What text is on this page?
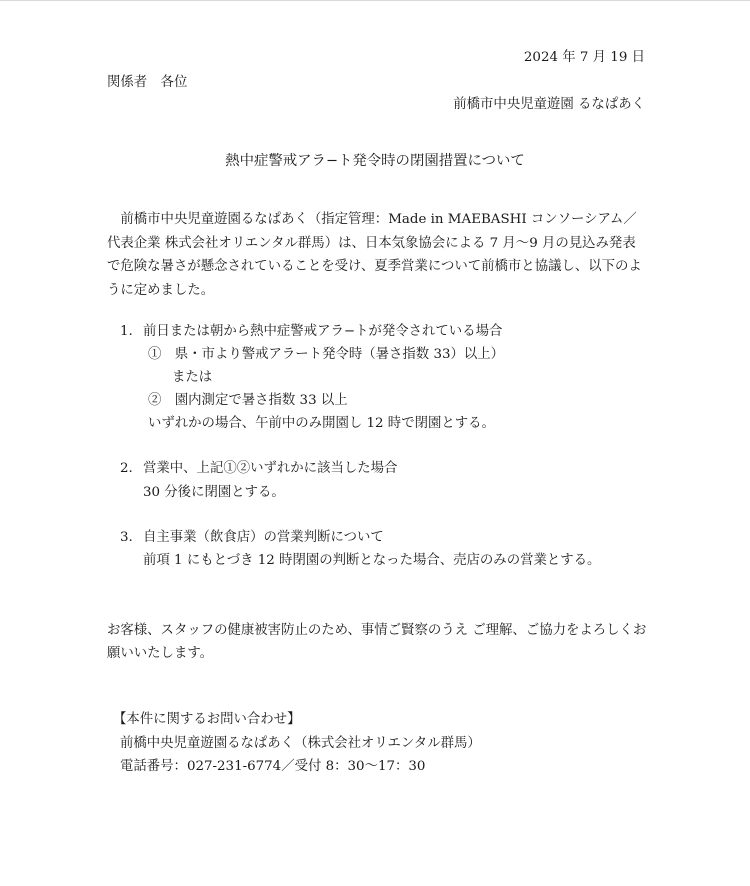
2024 年 7 月 19 日
関係者　各位
前橋市中央児童遊園 るなぱあく
熱中症警戒アラ−ト発令時の閉園措置について
前橋市中央児童遊園るなぱあく（指定管理：Made in MAEBASHI コンソーシアム／代表企業 株式会社オリエンタル群馬）は、日本気象協会による 7 月〜9 月の見込み発表で危険な暑さが懸念されていることを受け、夏季営業について前橋市と協議し、以下のように定めました。
1. 前日または朝から熱中症警戒アラ−トが発令されている場合
①　県・市より警戒アラート発令時（暑さ指数 33）以上）
または
②　園内測定で暑さ指数 33 以上
いずれかの場合、午前中のみ開園し 12 時で閉園とする。
2. 営業中、上記①②いずれかに該当した場合
30 分後に閉園とする。
3. 自主事業（飲食店）の営業判断について
前項 1 にもとづき 12 時閉園の判断となった場合、売店のみの営業とする。
お客様、スタッフの健康被害防止のため、事情ご賢察のうえ ご理解、ご協力をよろしくお願いいたします。
【本件に関するお問い合わせ】
前橋中央児童遊園るなぱあく（株式会社オリエンタル群馬）
電話番号：027-231-6774／受付 8：30〜17：30
